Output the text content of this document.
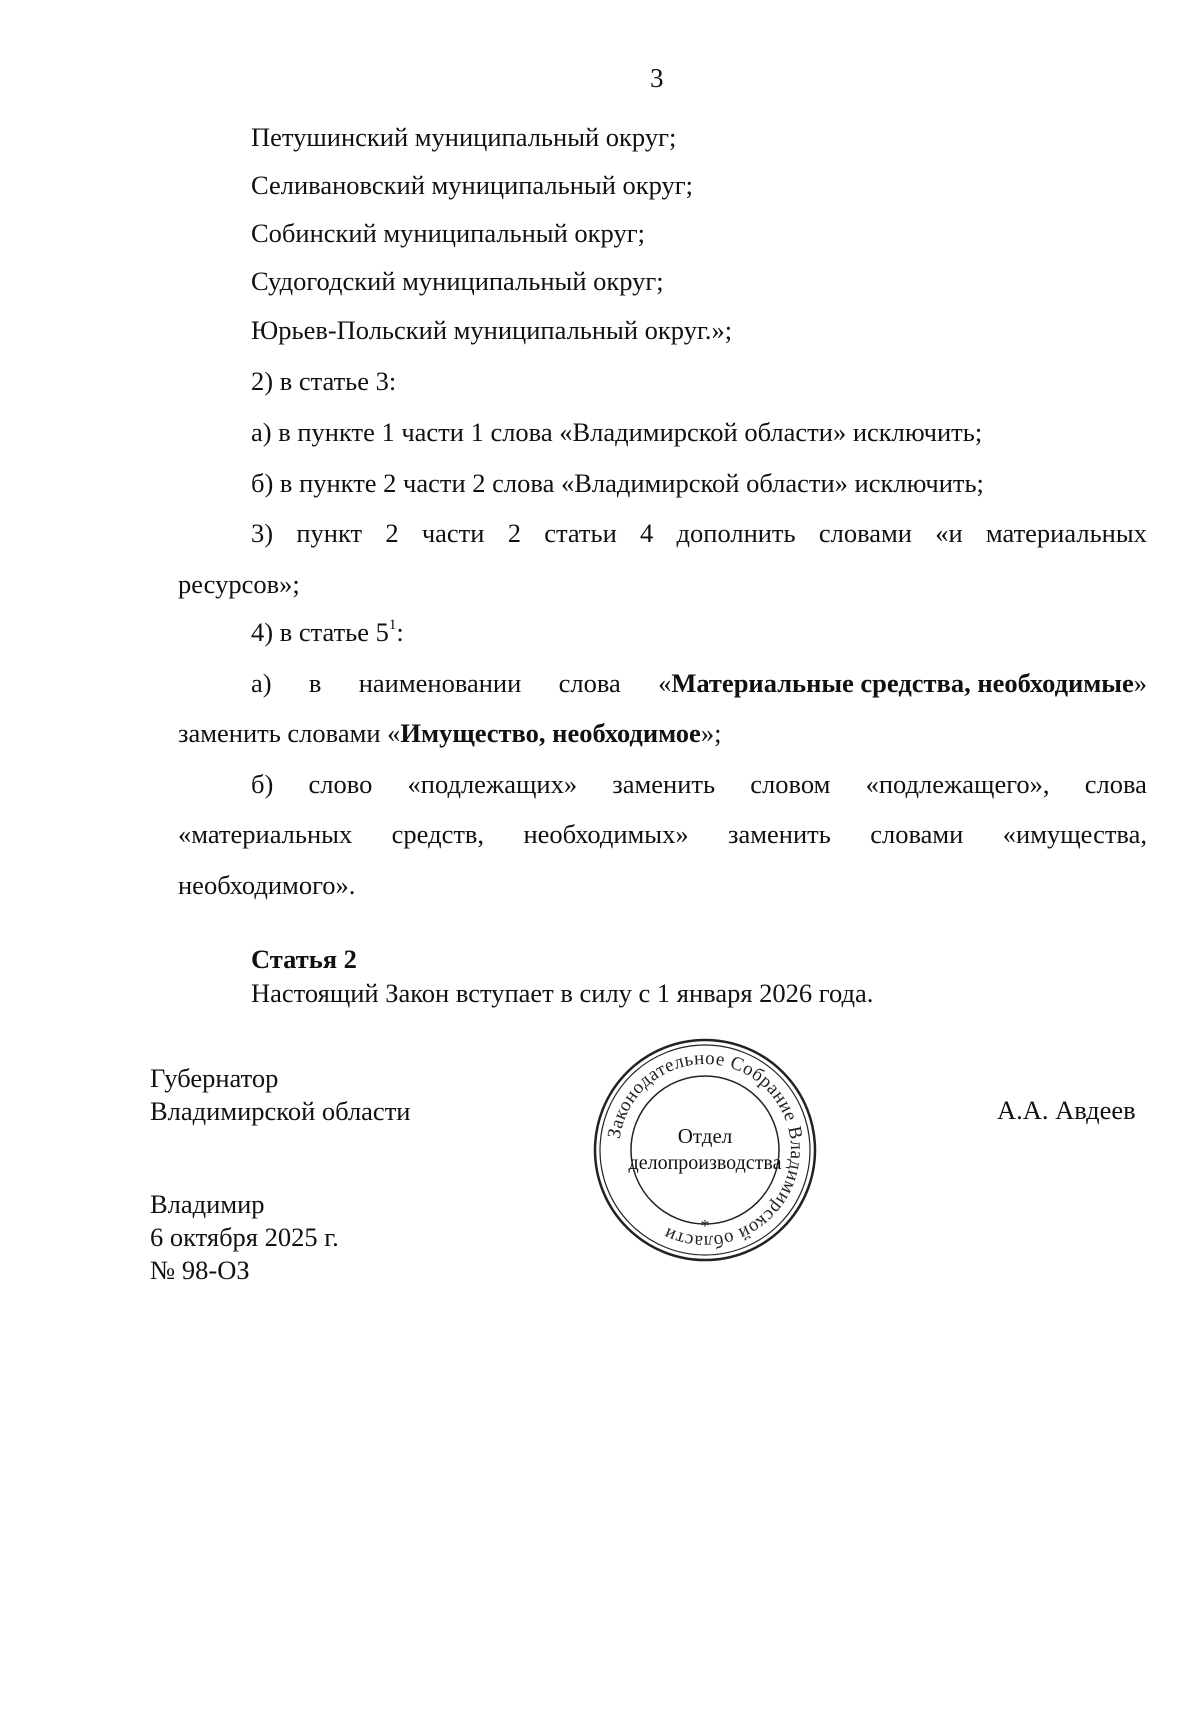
3
Петушинский муниципальный округ;
Селивановский муниципальный округ;
Собинский муниципальный округ;
Судогодский муниципальный округ;
Юрьев-Польский муниципальный округ.»;
2) в статье 3:
а) в пункте 1 части 1 слова «Владимирской области» исключить;
б) в пункте 2 части 2 слова «Владимирской области» исключить;
3) пункт 2 части 2 статьи 4 дополнить словами «и материальных
ресурсов»;
4) в статье $5^1$:
а) в наименовании слова «Материальные средства, необходимые»
заменить словами «Имущество, необходимое»;
б) слово «подлежащих» заменить словом «подлежащего», слова
«материальных средств, необходимых» заменить словами «имущества,
необходимого».
Статья 2
Настоящий Закон вступает в силу с 1 января 2026 года.
Губернатор
Владимирской области	А.А. Авдеев
Законодательное Собрание Владимирской области	*
Отдел
делопроизводства
Владимир
6 октября 2025 г.
№ 98-ОЗ
